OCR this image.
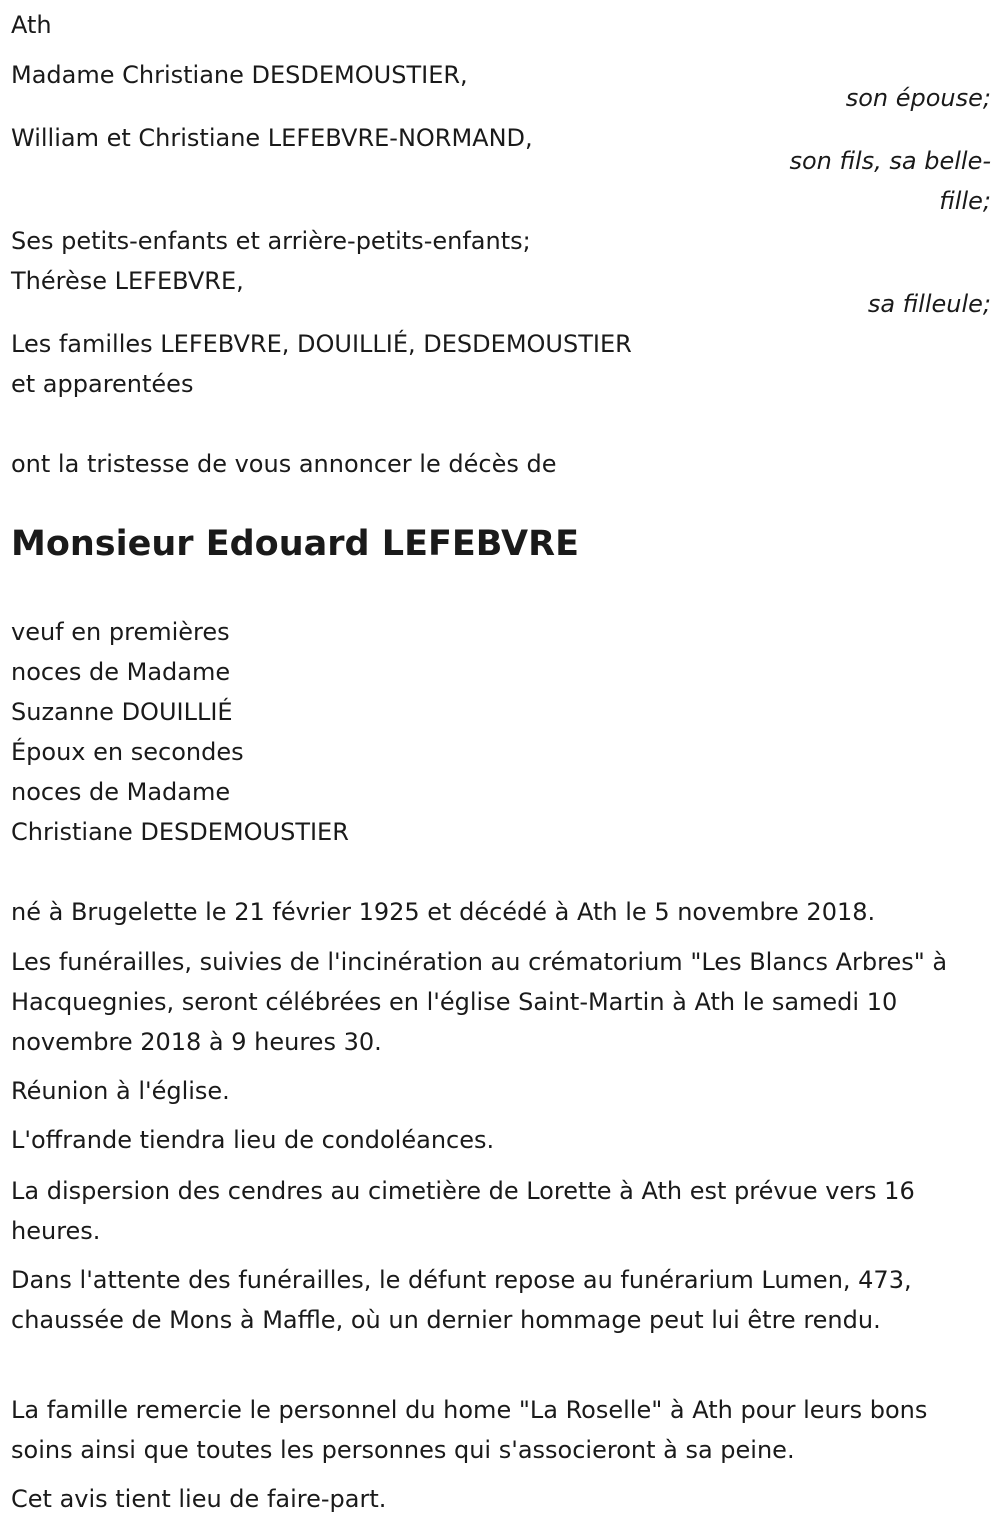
Ath
Madame Christiane DESDEMOUSTIER,
son épouse;
William et Christiane LEFEBVRE-NORMAND,
son fils, sa belle-
fille;
Ses petits-enfants et arrière-petits-enfants;
Thérèse LEFEBVRE,
sa filleule;
Les familles LEFEBVRE, DOUILLIÉ, DESDEMOUSTIER
et apparentées
ont la tristesse de vous annoncer le décès de
Monsieur Edouard LEFEBVRE
veuf en premières
noces de Madame
Suzanne DOUILLIÉ
Époux en secondes
noces de Madame
Christiane DESDEMOUSTIER

né à Brugelette le 21 février 1925 et décédé à Ath le 5 novembre 2018.

Les funérailles, suivies de l'incinération au crématorium "Les Blancs Arbres" à Hacquegnies, seront célébrées en l'église Saint-Martin à Ath le samedi 10 novembre 2018 à 9 heures 30.

Réunion à l'église.

L'offrande tiendra lieu de condoléances.

La dispersion des cendres au cimetière de Lorette à Ath est prévue vers 16 heures.

Dans l'attente des funérailles, le défunt repose au funérarium Lumen, 473, chaussée de Mons à Maffle, où un dernier hommage peut lui être rendu.

La famille remercie le personnel du home "La Roselle" à Ath pour leurs bons soins ainsi que toutes les personnes qui s'associeront à sa peine.

Cet avis tient lieu de faire-part.
